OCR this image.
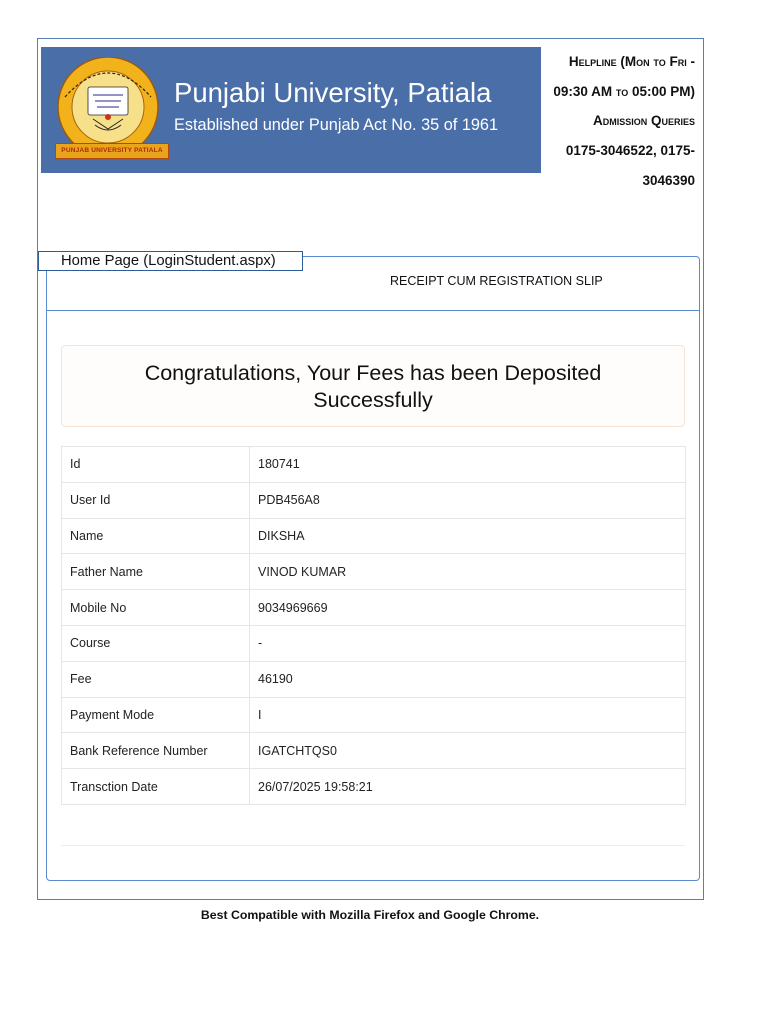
PUNJAB UNIVERSITY PATIALA
Punjabi University, Patiala
Established under Punjab Act No. 35 of 1961
Helpline (Mon to Fri -
09:30 AM to 05:00 PM)
Admission Queries
0175-3046522, 0175-
3046390
Home Page (LoginStudent.aspx)
RECEIPT CUM REGISTRATION SLIP
Congratulations, Your Fees has been Deposited Successfully
Id	180741
User Id	PDB456A8
Name	DIKSHA
Father Name	VINOD KUMAR
Mobile No	9034969669
Course	-
Fee	46190
Payment Mode	I
Bank Reference Number	IGATCHTQS0
Transction Date	26/07/2025 19:58:21
Best Compatible with Mozilla Firefox and Google Chrome.
